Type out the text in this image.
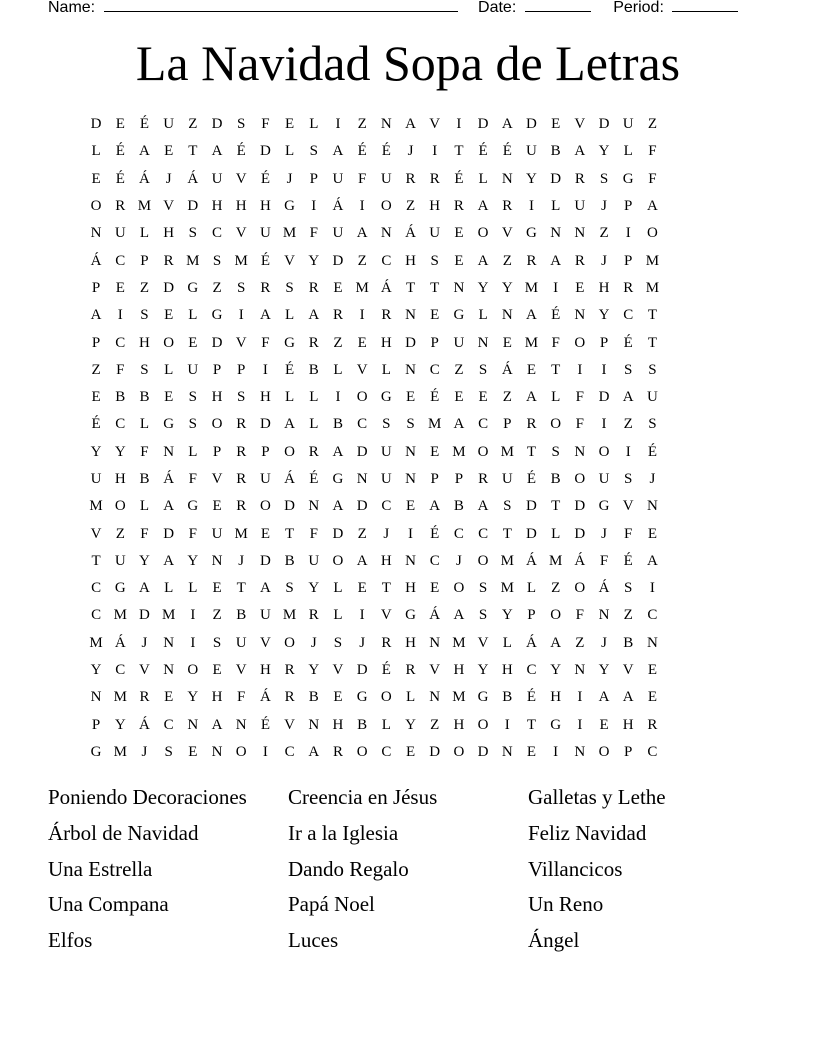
Name:	Date:	Period:
La Navidad Sopa de Letras
D E	É U Z D S	F	E	L	I	Z N A V	I	D A D E V D U Z
L	É A E	T A É D L	S A É	É	J	I	T	É	É U B A Y L	F
E	É Á	J	Á U V É	J	P U F U R R É	L N Y D R	S G F
O R M V D H H H G	I	Á	I	O Z H R A R	I	L U	J	P A
N U L H S	C V U M F U A N Á U E O V G N N Z	I	O
Á C	P	R M S M É V Y D Z C H S	E A Z R A R	J	P M
P	E	Z D G Z	S	R	S	R E M Á T	T N Y Y M	I	E H R M
A	I	S	E	L G	I	A L A R	I	R N E G L N A É N Y C T
P	C H O E D V F G R Z	E H D P U N E M F O P	É	T
Z	F	S	L U P	P	I	É B L V L N C Z	S Á E	T	I	I	S	S
E B B E	S H S H L	L	I	O G E	É	E	E	Z A L	F D A U
É C L G S O R D A L B C	S	S M A C	P	R O F	I	Z	S
Y Y F N L	P	R	P O R A D U N E M O M T	S N O	I	É
U H B Á F V R U Á É G N U N P	P	R U É B O U S	J
M O L A G E R O D N A D C E A B A S D T D G V N
V Z	F D F U M E	T	F D Z	J	I	É C C T D L D	J	F	E
T U Y A Y N	J	D B U O A H N C	J	O M Á M Á F	É A
C G A L	L	E	T A S Y L	E	T H E O S M L	Z O Á S	I
C M D M	I	Z B U M R L	I	V G Á A S Y P O F N Z C
M Á	J	N	I	S U V O	J	S	J	R H N M V L Á A Z	J	B N
Y C V N O E V H R Y V D É R V H Y H C Y N Y V E
N M R E Y H F Á R B E G O L N M G B É H	I	A A E
P Y Á C N A N É V N H B L Y Z H O	I	T G	I	E H R
G M J	S	E N O	I	C A R O C E D O D N E	I	N O P	C
Poniendo Decoraciones	Creencia en Jésus	Galletas y Lethe
Árbol de Navidad	Ir a la Iglesia	Feliz Navidad
Una Estrella	Dando Regalo	Villancicos
Una Compana	Papá Noel	Un Reno
Elfos	Luces	Ángel
